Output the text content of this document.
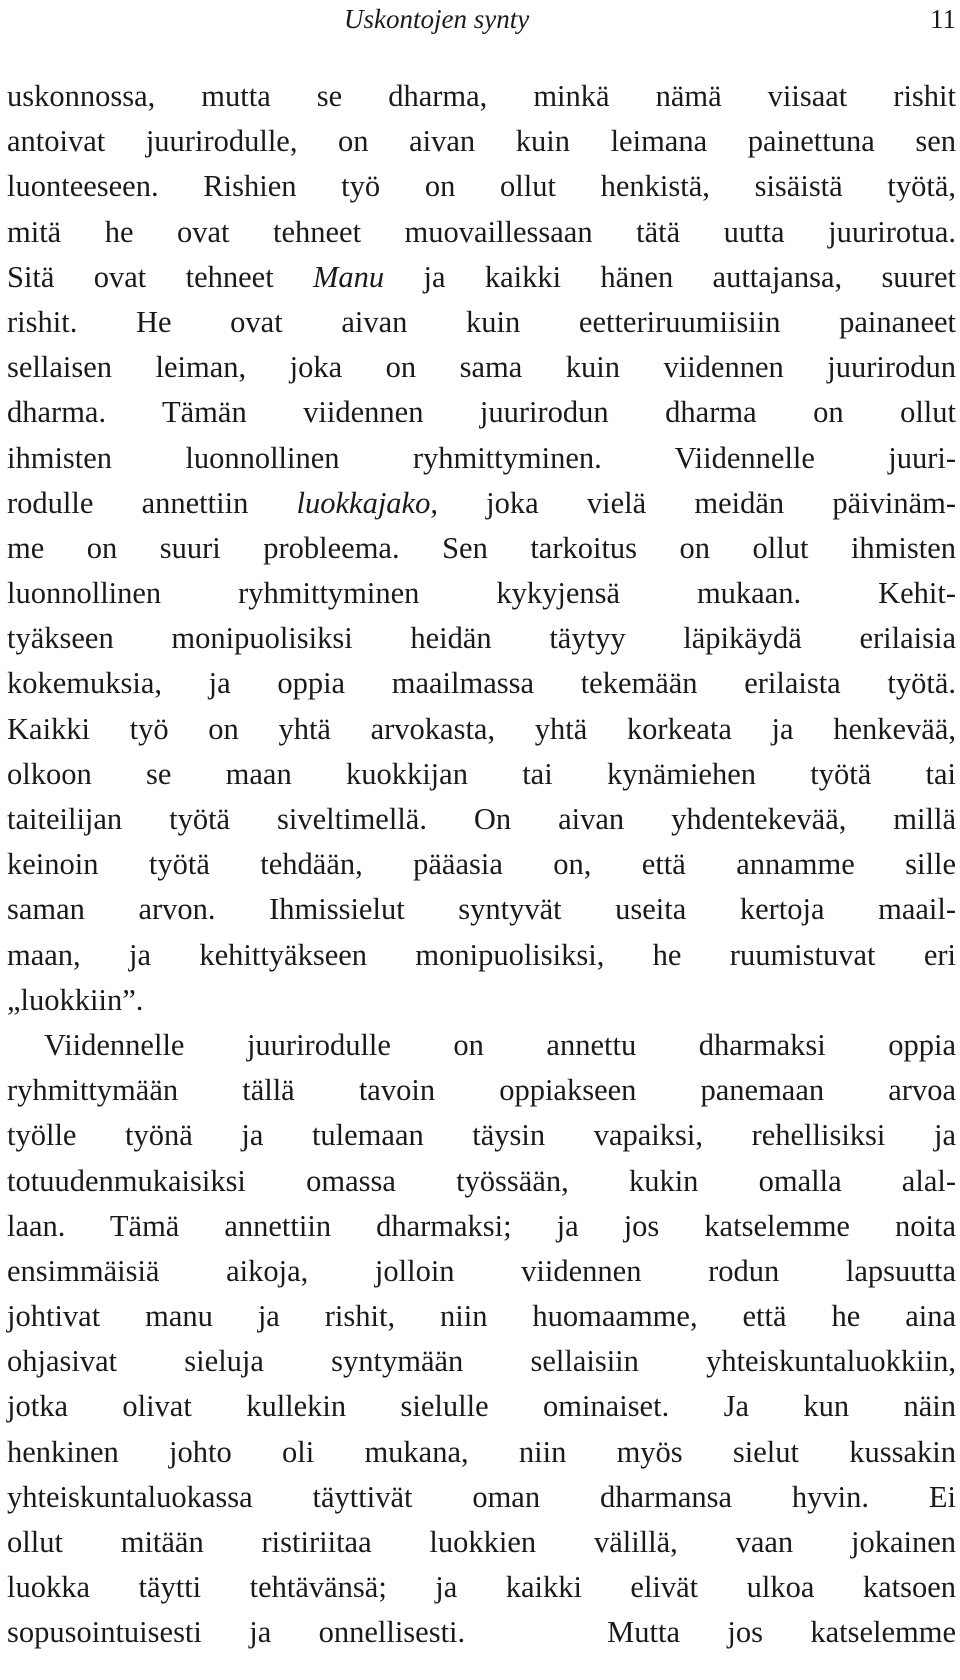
Uskontojen synty	11
uskonnossa, mutta se dharma, minkä nämä viisaat rishit
antoivat juurirodulle, on aivan kuin leimana painettuna sen
luonteeseen. Rishien työ on ollut henkistä, sisäistä työtä,
mitä he ovat tehneet muovaillessaan tätä uutta juurirotua.
Sitä ovat tehneet Manu ja kaikki hänen auttajansa, suuret
rishit. He ovat aivan kuin eetteriruumiisiin painaneet
sellaisen leiman, joka on sama kuin viidennen juurirodun
dharma. Tämän viidennen juurirodun dharma on ollut
ihmisten luonnollinen ryhmittyminen. Viidennelle juuri-
rodulle annettiin luokkajako, joka vielä meidän päivinäm-
me on suuri probleema. Sen tarkoitus on ollut ihmisten
luonnollinen ryhmittyminen kykyjensä mukaan. Kehit-
tyäkseen monipuolisiksi heidän täytyy läpikäydä erilaisia
kokemuksia, ja oppia maailmassa tekemään erilaista työtä.
Kaikki työ on yhtä arvokasta, yhtä korkeata ja henkevää,
olkoon se maan kuokkijan tai kynämiehen työtä tai
taiteilijan työtä siveltimellä. On aivan yhdentekevää, millä
keinoin työtä tehdään, pääasia on, että annamme sille
saman arvon. Ihmissielut syntyvät useita kertoja maail-
maan, ja kehittyäkseen monipuolisiksi, he ruumistuvat eri
„luokkiin”.
Viidennelle juurirodulle on annettu dharmaksi oppia
ryhmittymään tällä tavoin oppiakseen panemaan arvoa
työlle työnä ja tulemaan täysin vapaiksi, rehellisiksi ja
totuudenmukaisiksi omassa työssään, kukin omalla alal-
laan. Tämä annettiin dharmaksi; ja jos katselemme noita
ensimmäisiä aikoja, jolloin viidennen rodun lapsuutta
johtivat manu ja rishit, niin huomaamme, että he aina
ohjasivat sieluja syntymään sellaisiin yhteiskuntaluokkiin,
jotka olivat kullekin sielulle ominaiset. Ja kun näin
henkinen johto oli mukana, niin myös sielut kussakin
yhteiskuntaluokassa täyttivät oman dharmansa hyvin. Ei
ollut mitään ristiriitaa luokkien välillä, vaan jokainen
luokka täytti tehtävänsä; ja kaikki elivät ulkoa katsoen
sopusointuisesti ja onnellisesti.   Mutta jos katselemme
